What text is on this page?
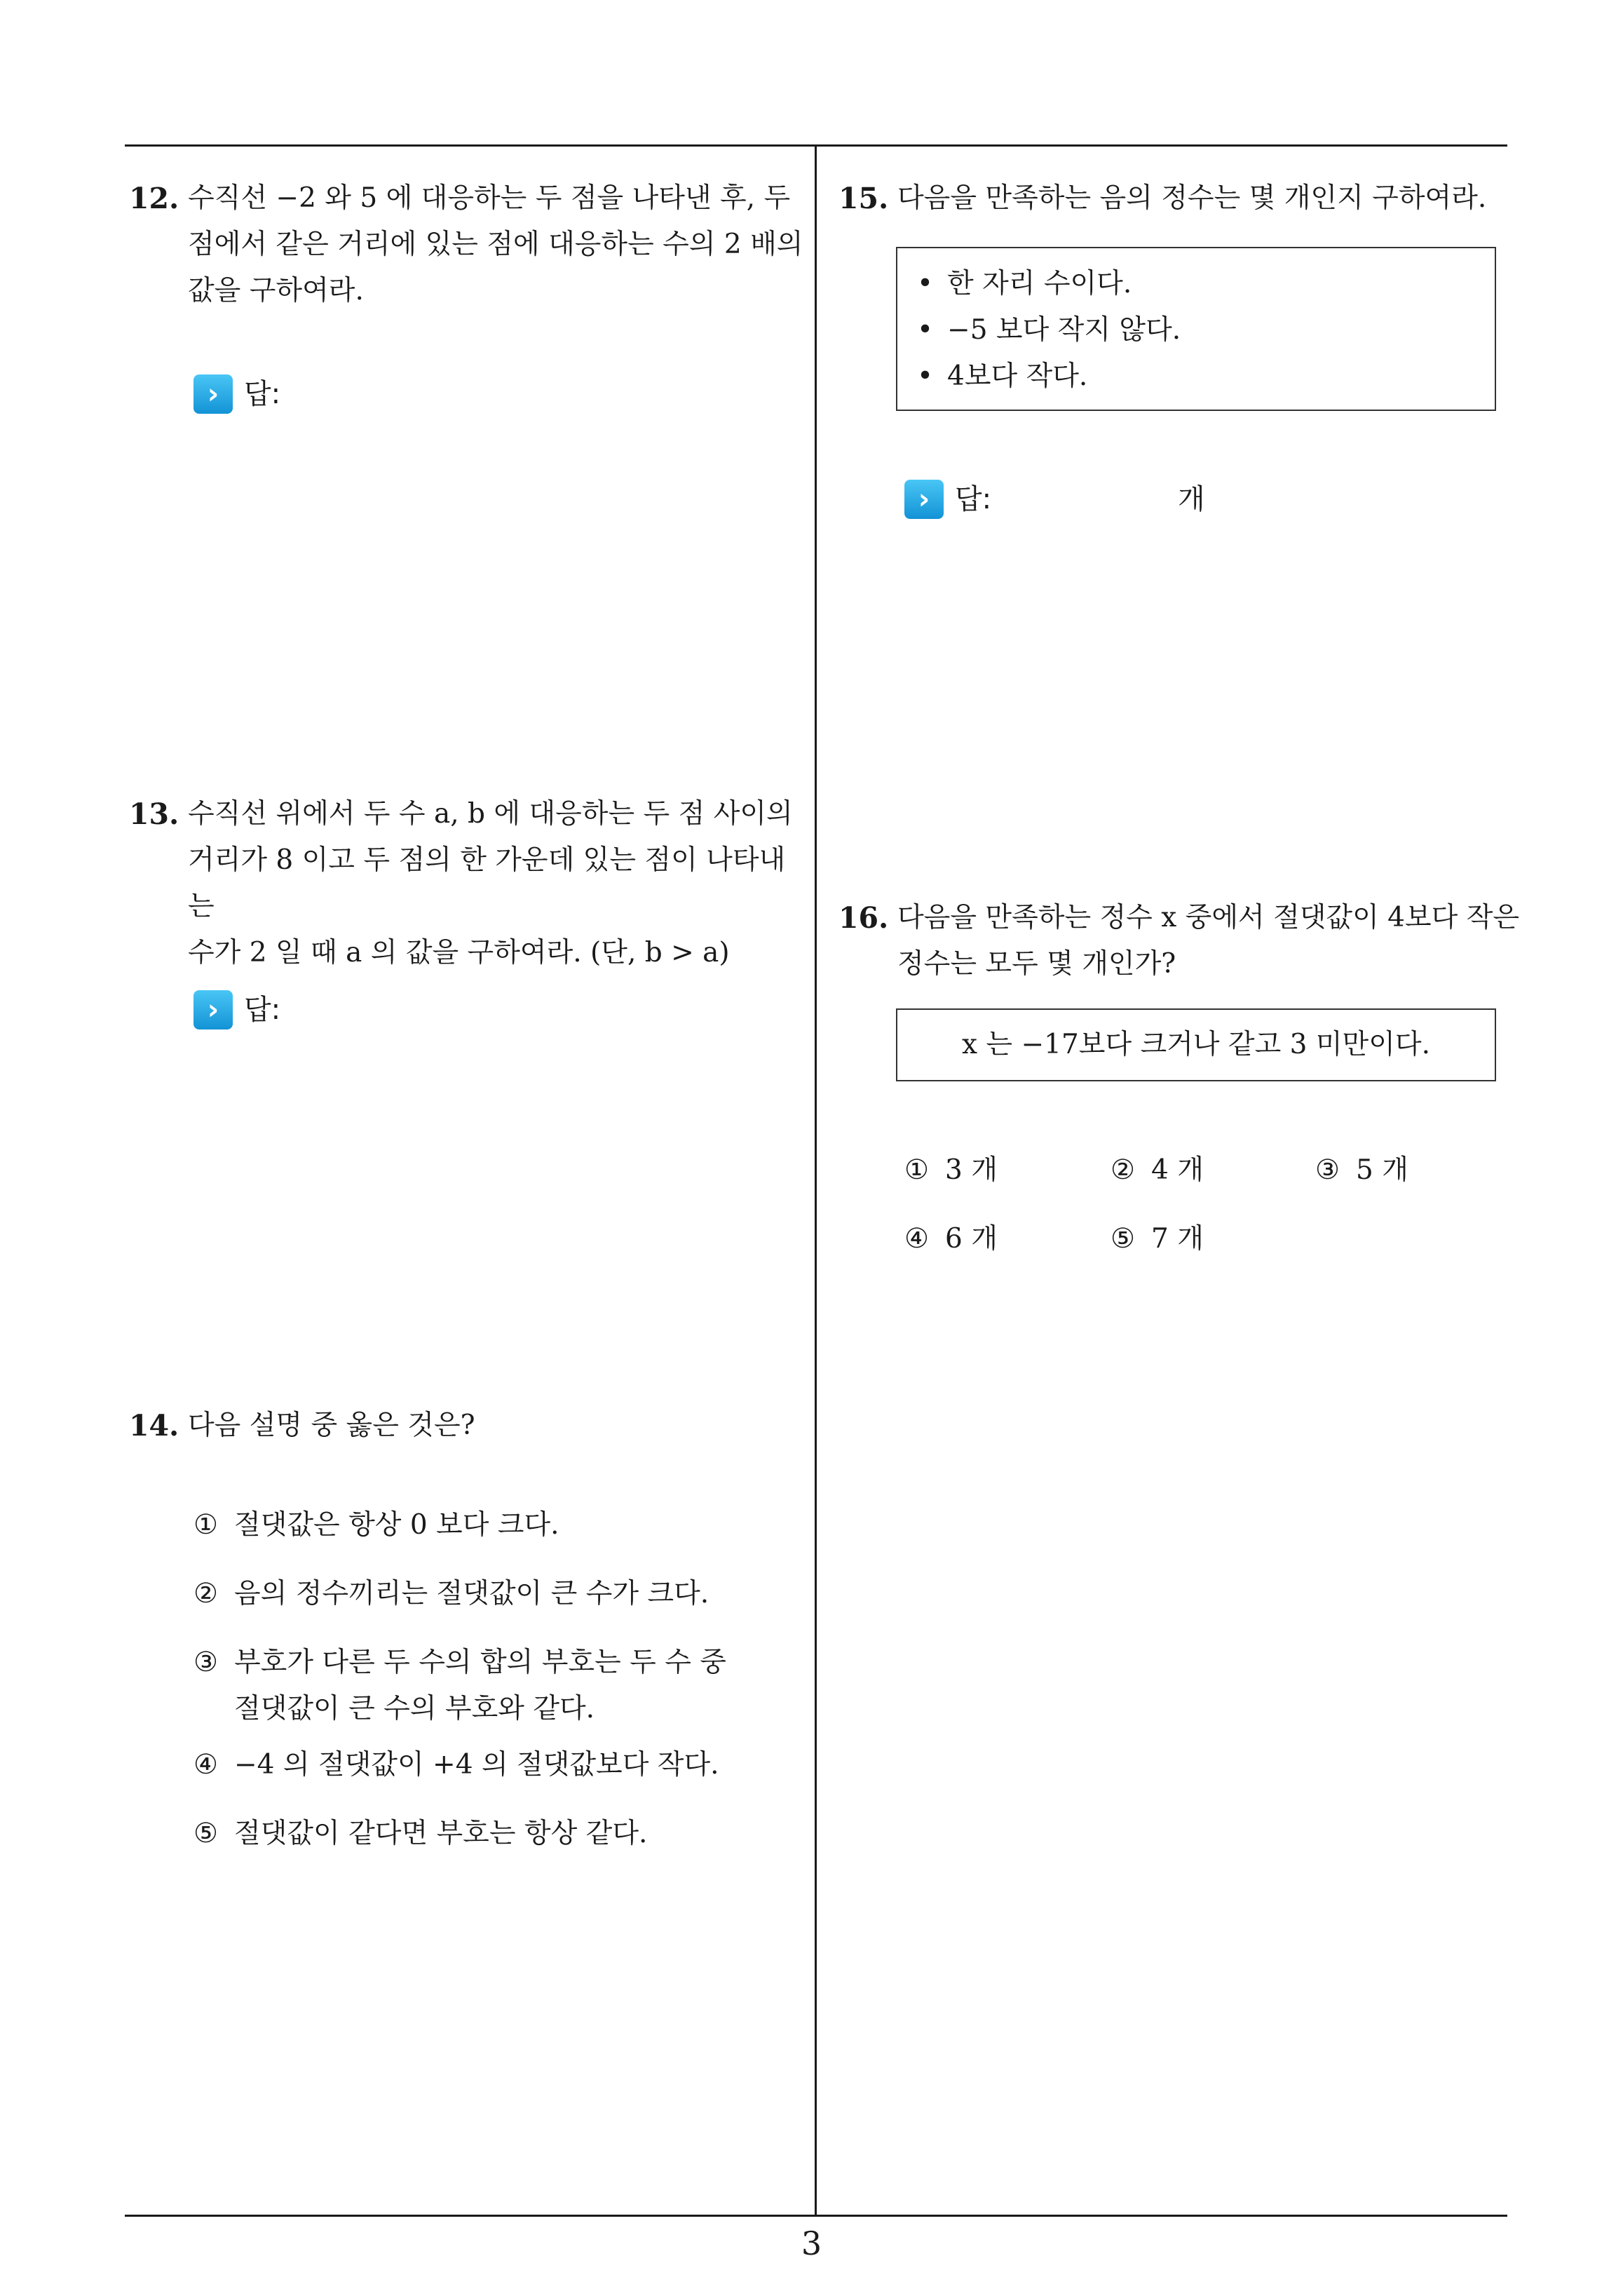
12. 수직선 −2 와 5 에 대응하는 두 점을 나타낸 후, 두

점에서 같은 거리에 있는 점에 대응하는 수의 2 배의

값을 구하여라.

› 답:
13. 수직선 위에서 두 수 a, b 에 대응하는 두 점 사이의

거리가 8 이고 두 점의 한 가운데 있는 점이 나타내는

수가 2 일 때 a 의 값을 구하여라. (단, b > a)

› 답:
14. 다음 설명 중 옳은 것은?

① 절댓값은 항상 0 보다 크다.
② 음의 정수끼리는 절댓값이 큰 수가 크다.
③ 부호가 다른 두 수의 합의 부호는 두 수 중
절댓값이 큰 수의 부호와 같다.
④ −4 의 절댓값이 +4 의 절댓값보다 작다.
⑤ 절댓값이 같다면 부호는 항상 같다.
15. 다음을 만족하는 음의 정수는 몇 개인지 구하여라.

• 한 자리 수이다.
• −5 보다 작지 않다.
• 4보다 작다.
› 답:	개
16. 다음을 만족하는 정수 x 중에서 절댓값이 4보다 작은

정수는 모두 몇 개인가?

x 는 −17보다 크거나 같고 3 미만이다.
① 3 개	② 4 개	③ 5 개
④ 6 개	⑤ 7 개
3
